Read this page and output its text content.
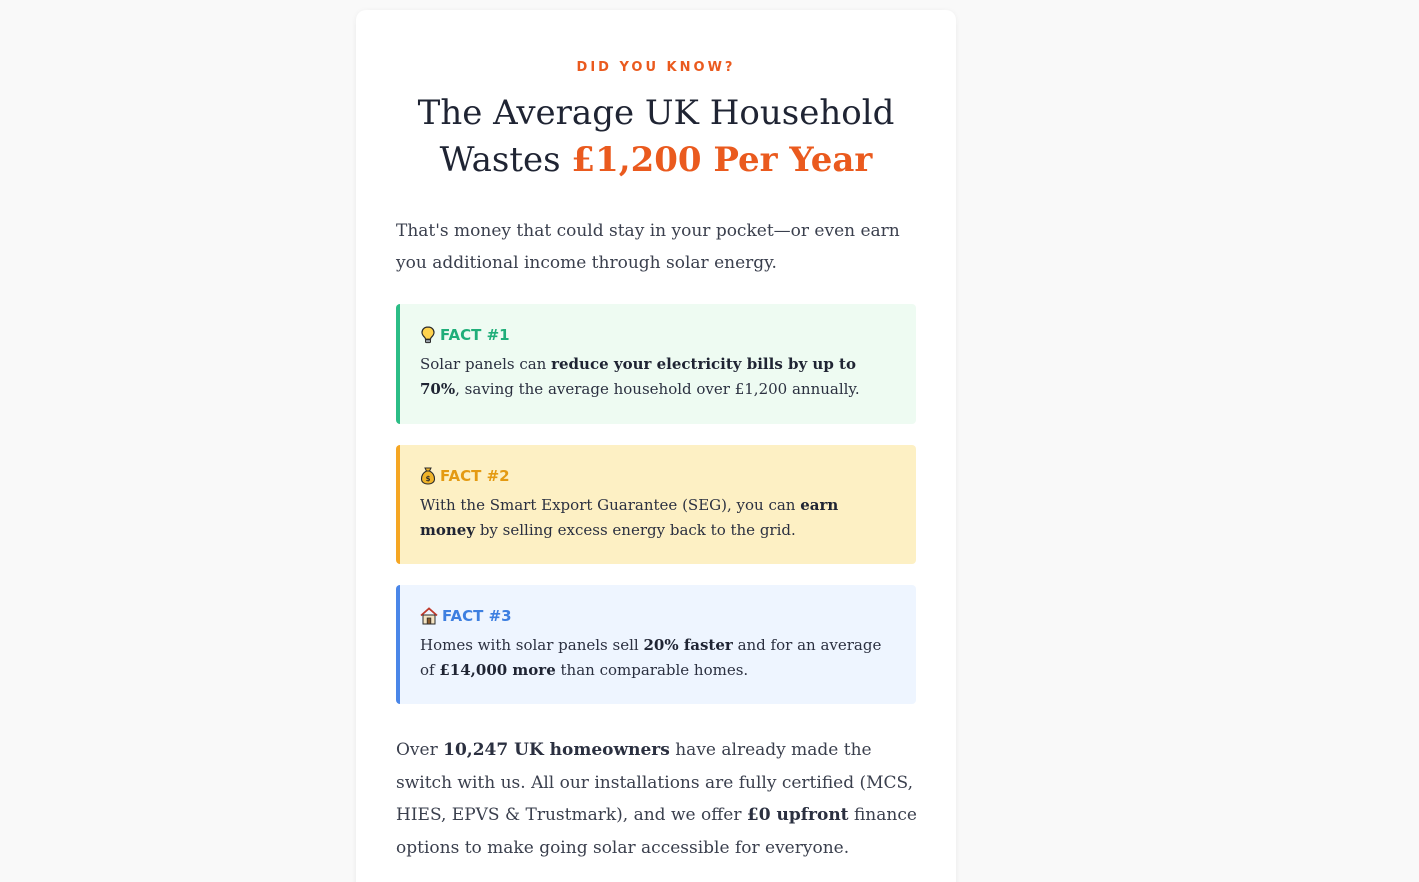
DID YOU KNOW?
The Average UK Household
Wastes £1,200 Per Year

That's money that could stay in your pocket—or even earn you additional income through solar energy.

FACT #1
Solar panels can reduce your electricity bills by up to 70%, saving the average household over £1,200 annually.
$ FACT #2
With the Smart Export Guarantee (SEG), you can earn money by selling excess energy back to the grid.
FACT #3
Homes with solar panels sell 20% faster and for an average of £14,000 more than comparable homes.

Over 10,247 UK homeowners have already made the switch with us. All our installations are fully certified (MCS, HIES, EPVS & Trustmark), and we offer £0 upfront finance options to make going solar accessible for everyone.
